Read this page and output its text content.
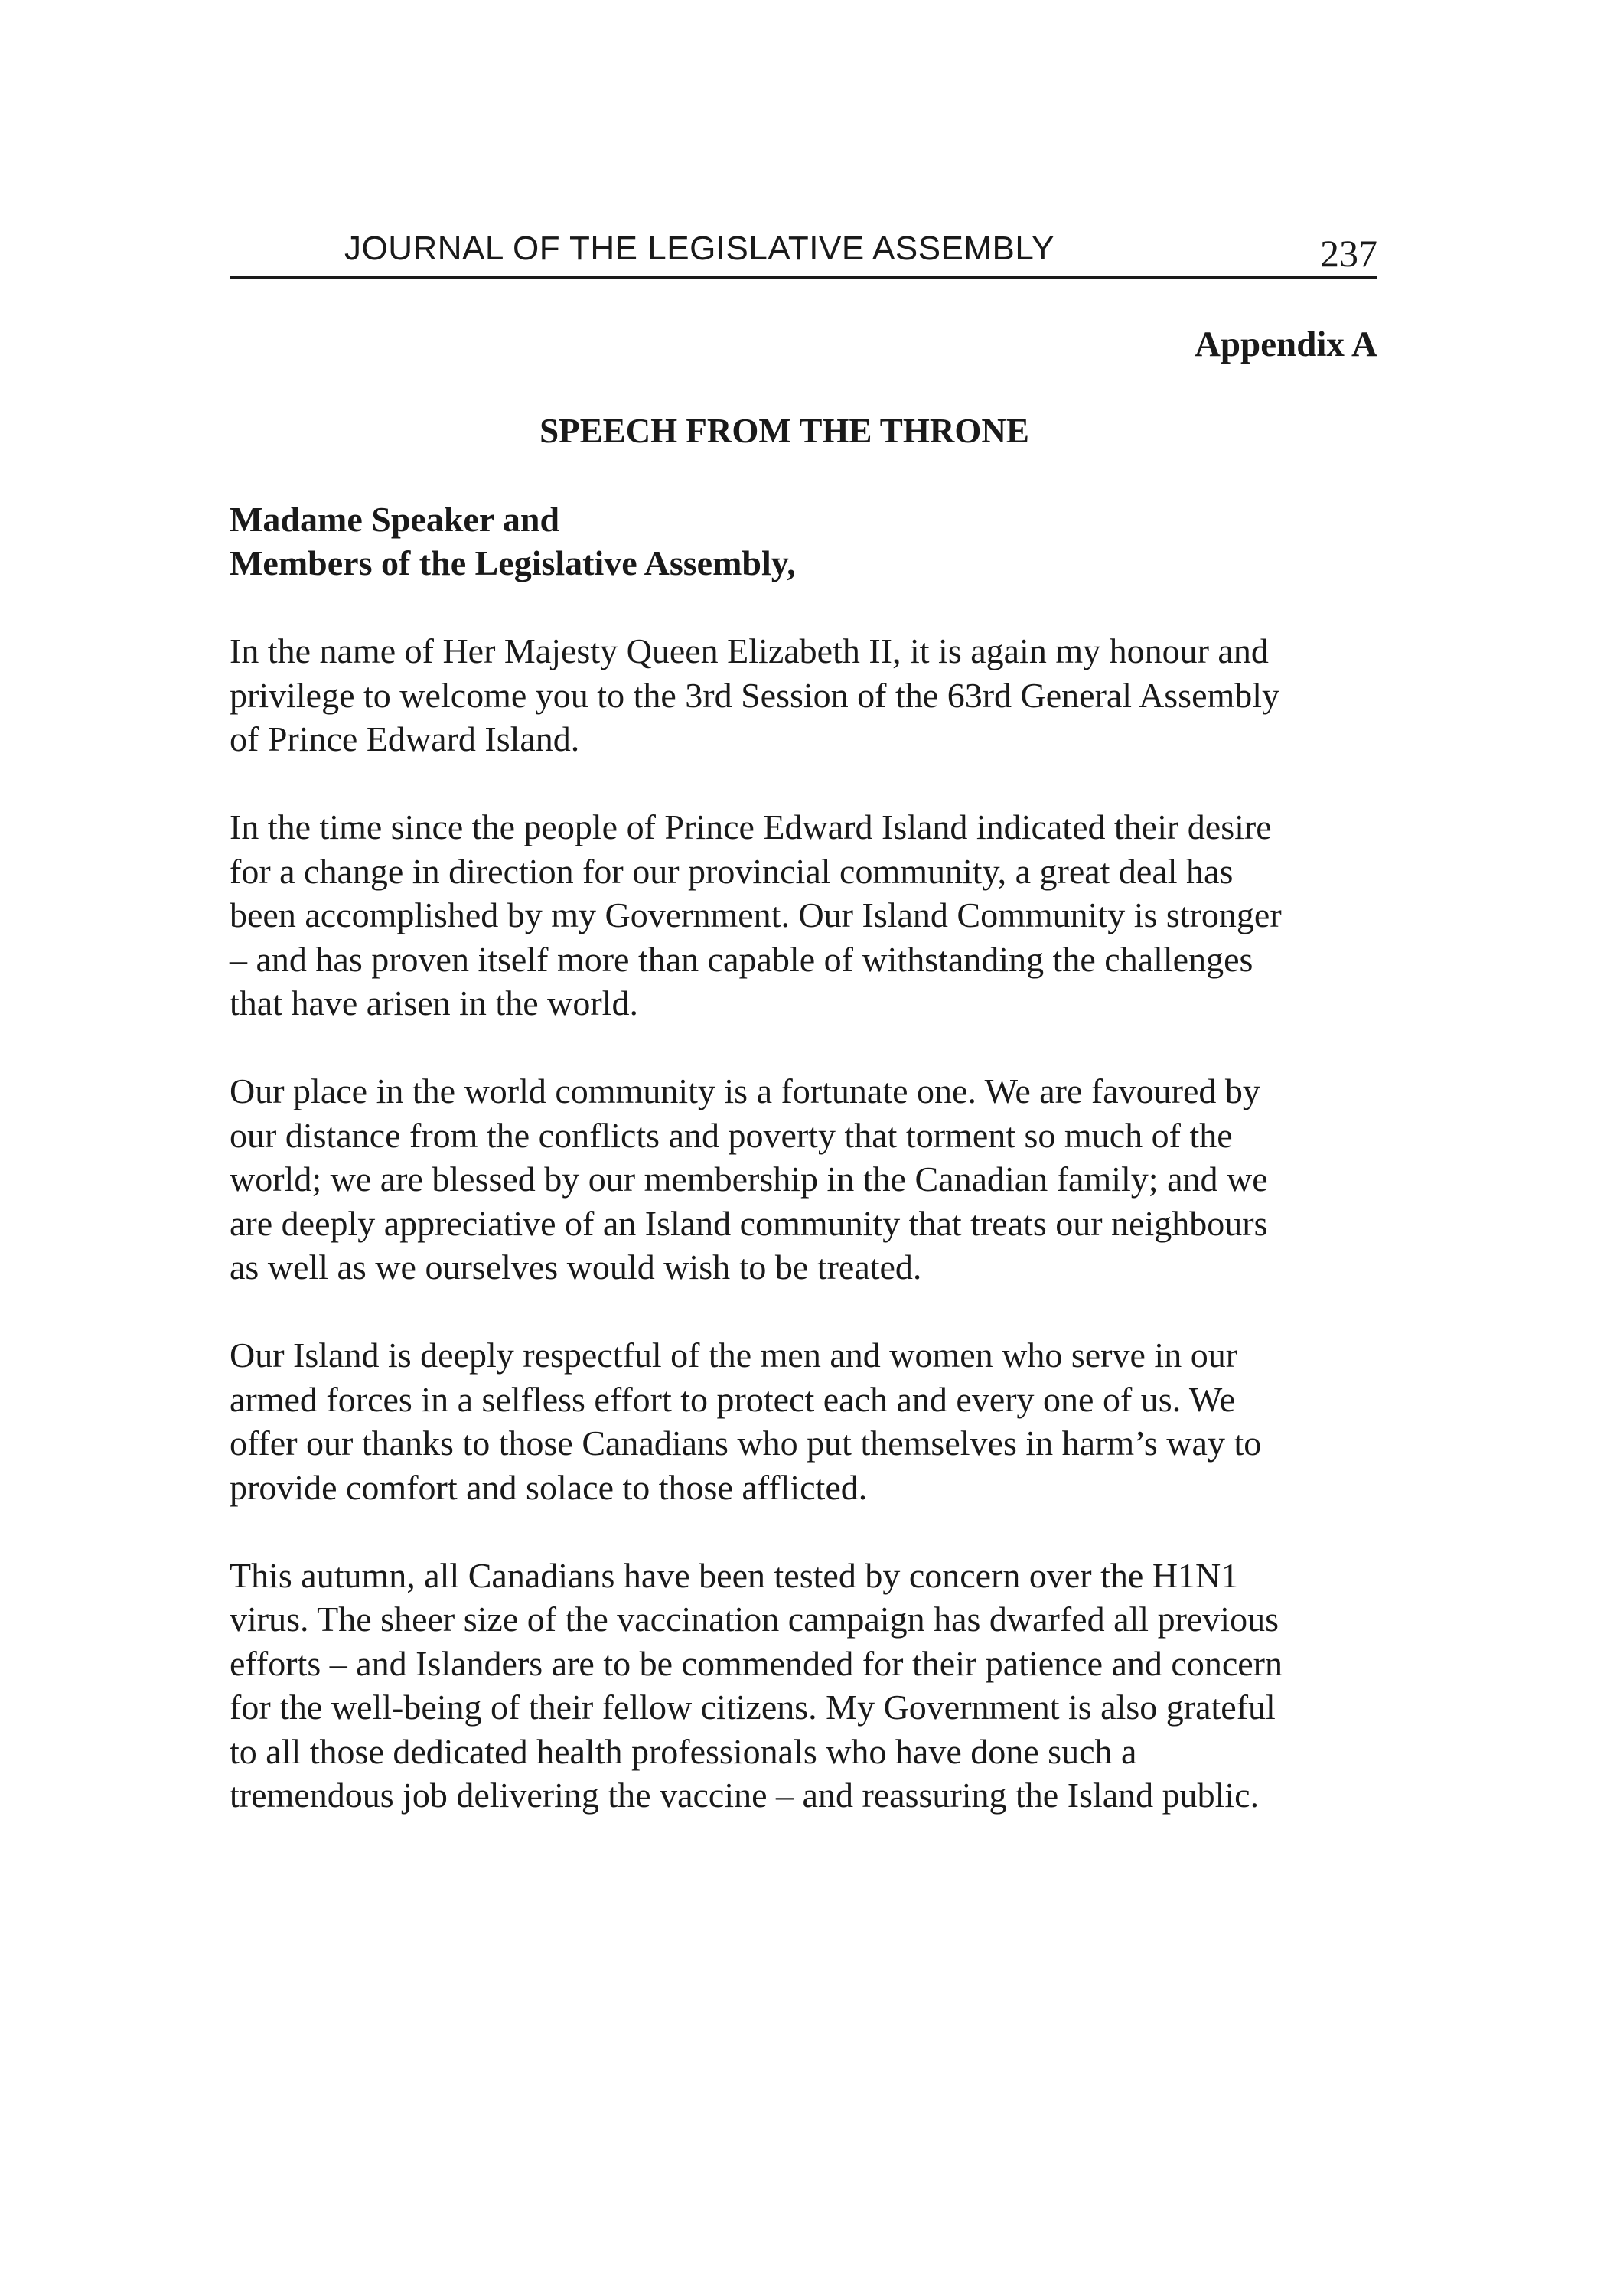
JOURNAL OF THE LEGISLATIVE ASSEMBLY	237
Appendix A
SPEECH FROM THE THRONE
Madame Speaker and
Members of the Legislative Assembly,

In the name of Her Majesty Queen Elizabeth II, it is again my honour and
privilege to welcome you to the 3rd Session of the 63rd General Assembly
of Prince Edward Island.

In the time since the people of Prince Edward Island indicated their desire
for a change in direction for our provincial community, a great deal has
been accomplished by my Government. Our Island Community is stronger
– and has proven itself more than capable of withstanding the challenges
that have arisen in the world.

Our place in the world community is a fortunate one. We are favoured by
our distance from the conflicts and poverty that torment so much of the
world; we are blessed by our membership in the Canadian family; and we
are deeply appreciative of an Island community that treats our neighbours
as well as we ourselves would wish to be treated.

Our Island is deeply respectful of the men and women who serve in our
armed forces in a selfless effort to protect each and every one of us. We
offer our thanks to those Canadians who put themselves in harm’s way to
provide comfort and solace to those afflicted.

This autumn, all Canadians have been tested by concern over the H1N1
virus. The sheer size of the vaccination campaign has dwarfed all previous
efforts – and Islanders are to be commended for their patience and concern
for the well-being of their fellow citizens. My Government is also grateful
to all those dedicated health professionals who have done such a
tremendous job delivering the vaccine – and reassuring the Island public.
